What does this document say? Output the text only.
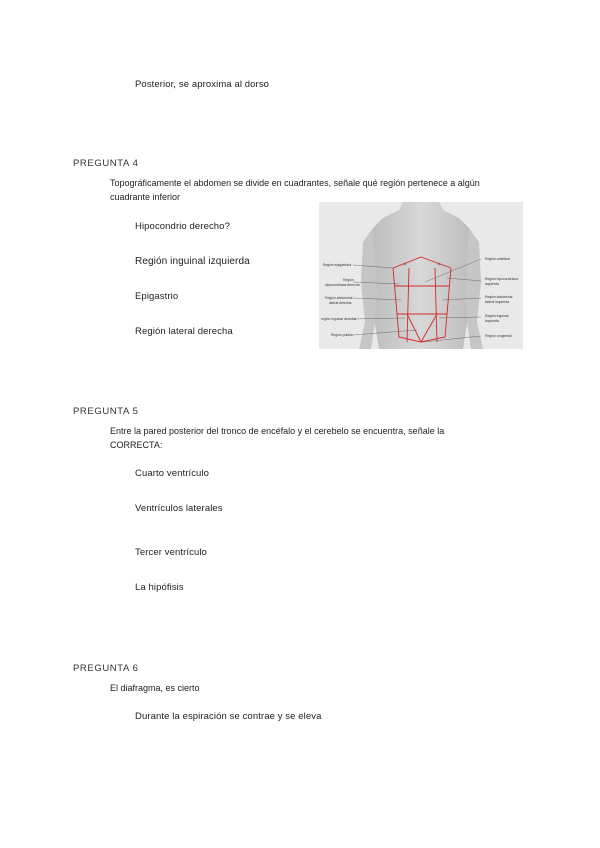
Posterior, se aproxima al dorso
PREGUNTA 4
Topográficamente el abdomen se divide en cuadrantes, señale qué región pertenece a algún
cuadrante inferior
Hipocondrio derecho?
Región inguinal izquierda
Epigastrio
Región lateral derecha
Región epigástrica
Región
hipocondríaca derecha
Región abdominal
lateral derecha
región inguinal derecha
Región púbica
Región umbilical
Región hipocondríaca
izquierda
Región abdominal
lateral izquierda
Región inguinal
izquierda
Región urogenital
PREGUNTA 5
Entre la pared posterior del tronco de encéfalo y el cerebelo se encuentra, señale la
CORRECTA:
Cuarto ventrículo
Ventrículos laterales
Tercer ventrículo
La hipófisis
PREGUNTA 6
El diafragma, es cierto
Durante la espiración se contrae y se eleva
